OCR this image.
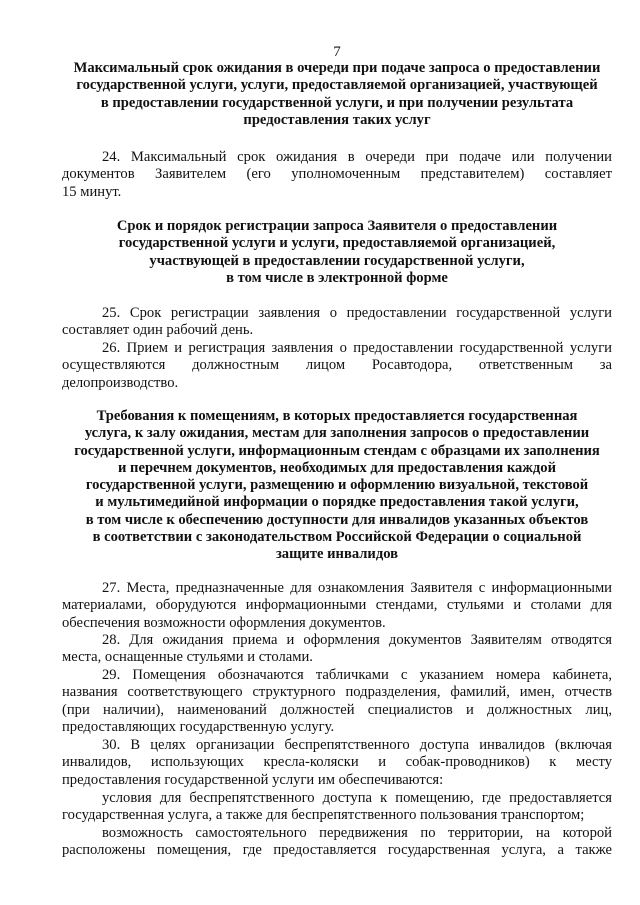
7
Максимальный срок ожидания в очереди при подаче запроса о предоставлении
государственной услуги, услуги, предоставляемой организацией, участвующей
в предоставлении государственной услуги, и при получении результата
предоставления таких услуг
24. Максимальный срок ожидания в очереди при подаче или получении
документов Заявителем (его уполномоченным представителем) составляет
15 минут.
Срок и порядок регистрации запроса Заявителя о предоставлении
государственной услуги и услуги, предоставляемой организацией,
участвующей в предоставлении государственной услуги,
в том числе в электронной форме
25. Срок регистрации заявления о предоставлении государственной услуги
составляет один рабочий день.
26. Прием и регистрация заявления о предоставлении государственной услуги
осуществляются должностным лицом Росавтодора, ответственным за
делопроизводство.
Требования к помещениям, в которых предоставляется государственная
услуга, к залу ожидания, местам для заполнения запросов о предоставлении
государственной услуги, информационным стендам с образцами их заполнения
и перечнем документов, необходимых для предоставления каждой
государственной услуги, размещению и оформлению визуальной, текстовой
и мультимедийной информации о порядке предоставления такой услуги,
в том числе к обеспечению доступности для инвалидов указанных объектов
в соответствии с законодательством Российской Федерации о социальной
защите инвалидов
27. Места, предназначенные для ознакомления Заявителя с информационными
материалами, оборудуются информационными стендами, стульями и столами для
обеспечения возможности оформления документов.
28. Для ожидания приема и оформления документов Заявителям отводятся
места, оснащенные стульями и столами.
29. Помещения обозначаются табличками с указанием номера кабинета,
названия соответствующего структурного подразделения, фамилий, имен, отчеств
(при наличии), наименований должностей специалистов и должностных лиц,
предоставляющих государственную услугу.
30. В целях организации беспрепятственного доступа инвалидов (включая
инвалидов, использующих кресла-коляски и собак-проводников) к месту
предоставления государственной услуги им обеспечиваются:
условия для беспрепятственного доступа к помещению, где предоставляется
государственная услуга, а также для беспрепятственного пользования транспортом;
возможность самостоятельного передвижения по территории, на которой
расположены помещения, где предоставляется государственная услуга, а также
